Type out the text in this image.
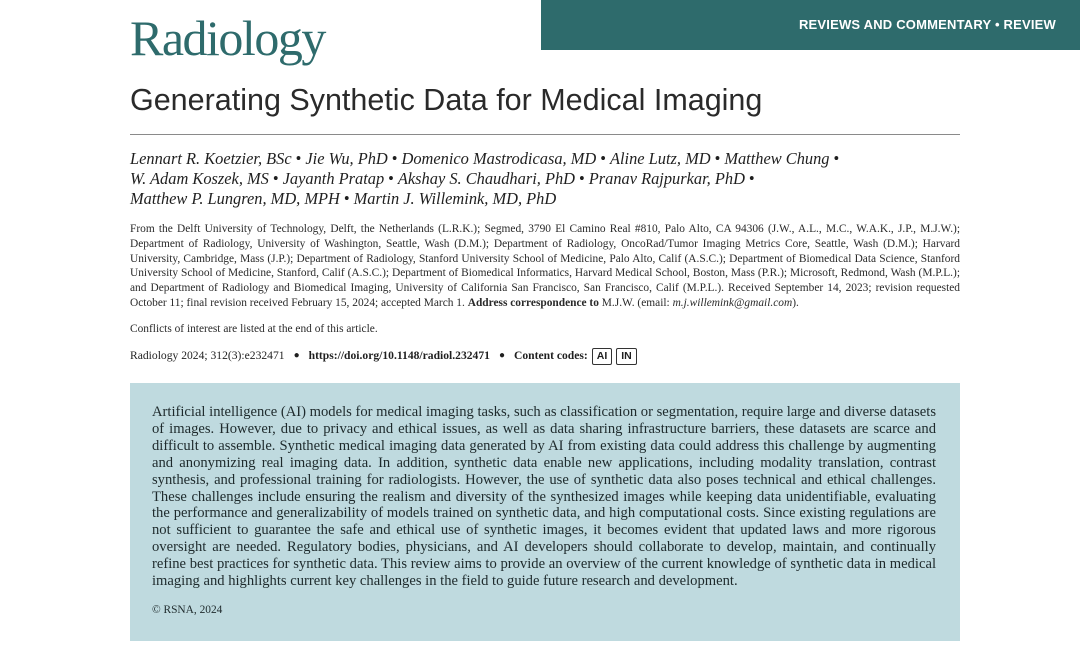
REVIEWS AND COMMENTARY • REVIEW
Radiology
Generating Synthetic Data for Medical Imaging
Lennart R. Koetzier, BSc • Jie Wu, PhD • Domenico Mastrodicasa, MD • Aline Lutz, MD • Matthew Chung •
W. Adam Koszek, MS • Jayanth Pratap • Akshay S. Chaudhari, PhD • Pranav Rajpurkar, PhD •
Matthew P. Lungren, MD, MPH • Martin J. Willemink, MD, PhD
From the Delft University of Technology, Delft, the Netherlands (L.R.K.); Segmed, 3790 El Camino Real #810, Palo Alto, CA 94306 (J.W., A.L., M.C., W.A.K., J.P., M.J.W.); Department of Radiology, University of Washington, Seattle, Wash (D.M.); Department of Radiology, OncoRad/Tumor Imaging Metrics Core, Seattle, Wash (D.M.); Harvard University, Cambridge, Mass (J.P.); Department of Radiology, Stanford University School of Medicine, Palo Alto, Calif (A.S.C.); Department of Biomedical Data Science, Stanford University School of Medicine, Stanford, Calif (A.S.C.); Department of Biomedical Informatics, Harvard Medical School, Boston, Mass (P.R.); Microsoft, Redmond, Wash (M.P.L.); and Department of Radiology and Biomedical Imaging, University of California San Francisco, San Francisco, Calif (M.P.L.). Received September 14, 2023; revision requested October 11; final revision received February 15, 2024; accepted March 1. Address correspondence to M.J.W. (email: m.j.willemink@gmail.com).
Conflicts of interest are listed at the end of this article.
Radiology 2024; 312(3):e232471 ● https://doi.org/10.1148/radiol.232471 ● Content codes: AI	IN
Artificial intelligence (AI) models for medical imaging tasks, such as classification or segmentation, require large and diverse datasets of images. However, due to privacy and ethical issues, as well as data sharing infrastructure barriers, these datasets are scarce and difficult to assemble. Synthetic medical imaging data generated by AI from existing data could address this challenge by augmenting and anonymizing real imaging data. In addition, synthetic data enable new applications, including modality translation, contrast synthesis, and professional training for radiologists. However, the use of synthetic data also poses technical and ethical challenges. These challenges include ensuring the realism and diversity of the synthesized images while keeping data unidentifiable, evaluating the performance and generalizability of models trained on synthetic data, and high computational costs. Since existing regulations are not sufficient to guarantee the safe and ethical use of synthetic images, it becomes evident that updated laws and more rigorous oversight are needed. Regulatory bodies, physicians, and AI developers should collaborate to develop, maintain, and continually refine best practices for synthetic data. This review aims to provide an overview of the current knowledge of synthetic data in medical imaging and highlights current key challenges in the field to guide future research and development.
© RSNA, 2024
